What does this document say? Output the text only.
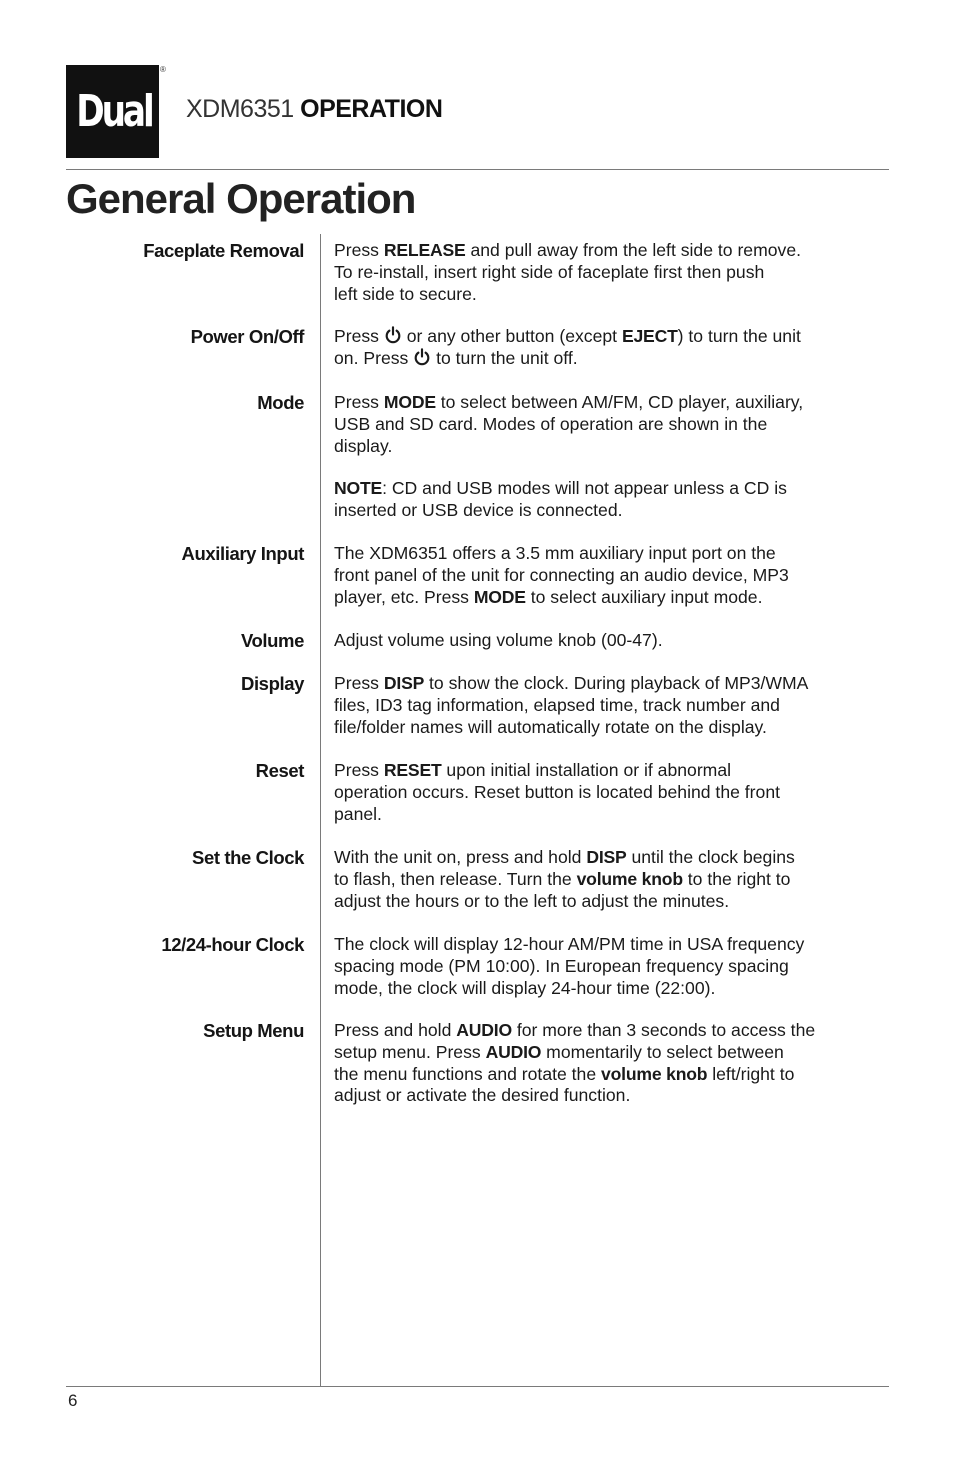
Dual
®
XDM6351 OPERATION
General Operation
Faceplate Removal Press RELEASE and pull away from the left side to remove.
To re-install, insert right side of faceplate first then push
left side to secure.
Power On/Off Press  or any other button (except EJECT) to turn the unit
on. Press  to turn the unit off.
Mode Press MODE to select between AM/FM, CD player, auxiliary,
USB and SD card. Modes of operation are shown in the
display.
NOTE: CD and USB modes will not appear unless a CD is
inserted or USB device is connected.
Auxiliary Input The XDM6351 offers a 3.5 mm auxiliary input port on the
front panel of the unit for connecting an audio device, MP3
player, etc. Press MODE to select auxiliary input mode.
Volume Adjust volume using volume knob (00-47).
Display Press DISP to show the clock. During playback of MP3/WMA
files, ID3 tag information, elapsed time, track number and
file/folder names will automatically rotate on the display.
Reset Press RESET upon initial installation or if abnormal
operation occurs. Reset button is located behind the front
panel.
Set the Clock With the unit on, press and hold DISP until the clock begins
to flash, then release. Turn the volume knob to the right to
adjust the hours or to the left to adjust the minutes.
12/24-hour Clock The clock will display 12-hour AM/PM time in USA frequency
spacing mode (PM 10:00). In European frequency spacing
mode, the clock will display 24-hour time (22:00).
Setup Menu Press and hold AUDIO for more than 3 seconds to access the
setup menu. Press AUDIO momentarily to select between
the menu functions and rotate the volume knob left/right to
adjust or activate the desired function.
6
